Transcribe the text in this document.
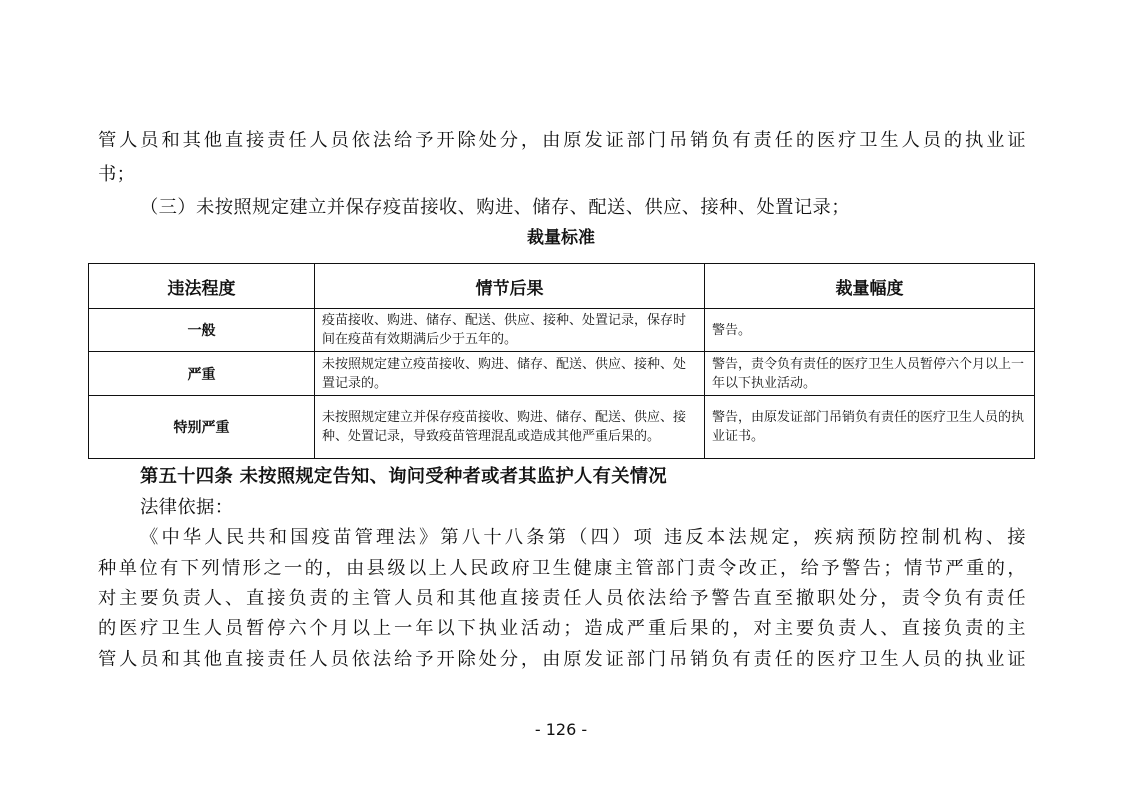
管人员和其他直接责任人员依法给予开除处分，由原发证部门吊销负有责任的医疗卫生人员的执业证
书；
（三）未按照规定建立并保存疫苗接收、购进、储存、配送、供应、接种、处置记录；
裁量标准
违法程度	情节后果	裁量幅度
一般	疫苗接收、购进、储存、配送、供应、接种、处置记录，保存时间在疫苗有效期满后少于五年的。	警告。
严重	未按照规定建立疫苗接收、购进、储存、配送、供应、接种、处置记录的。	警告，责令负有责任的医疗卫生人员暂停六个月以上一年以下执业活动。
特别严重	未按照规定建立并保存疫苗接收、购进、储存、配送、供应、接种、处置记录，导致疫苗管理混乱或造成其他严重后果的。	警告，由原发证部门吊销负有责任的医疗卫生人员的执业证书。
第五十四条 未按照规定告知、询问受种者或者其监护人有关情况
法律依据：
《中华人民共和国疫苗管理法》第八十八条第（四）项 违反本法规定，疾病预防控制机构、接
种单位有下列情形之一的，由县级以上人民政府卫生健康主管部门责令改正，给予警告；情节严重的，
对主要负责人、直接负责的主管人员和其他直接责任人员依法给予警告直至撤职处分，责令负有责任
的医疗卫生人员暂停六个月以上一年以下执业活动；造成严重后果的，对主要负责人、直接负责的主
管人员和其他直接责任人员依法给予开除处分，由原发证部门吊销负有责任的医疗卫生人员的执业证
- 126 -
